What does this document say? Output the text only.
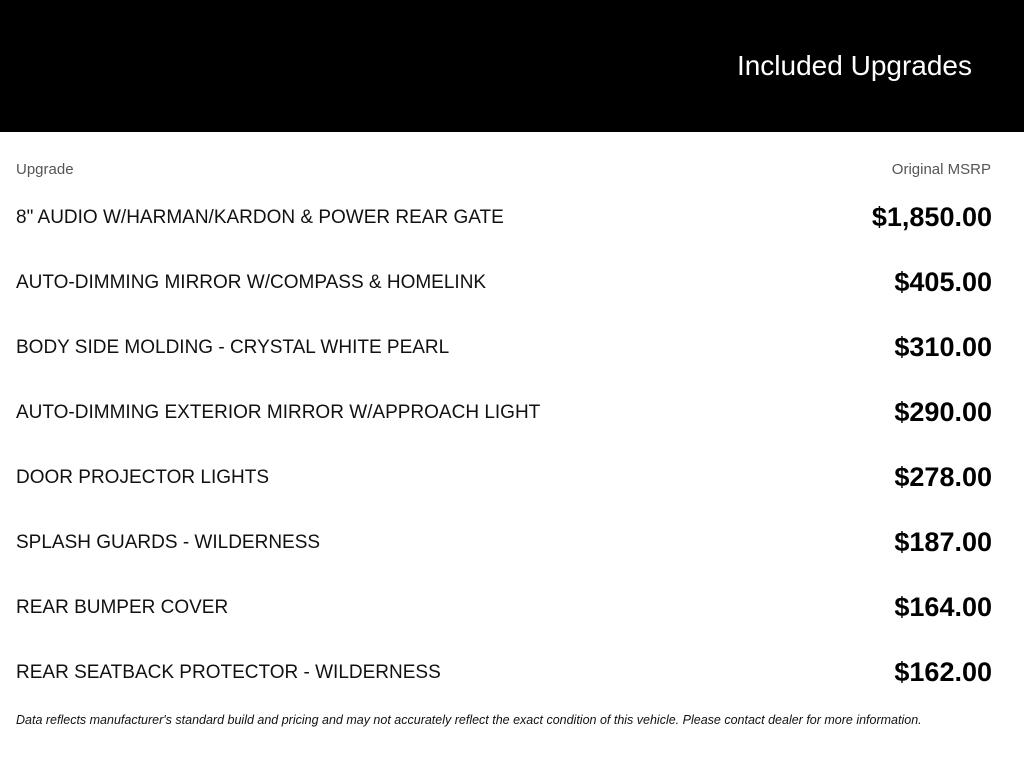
Included Upgrades
Upgrade	Original MSRP
8" AUDIO W/HARMAN/KARDON & POWER REAR GATE	$1,850.00
AUTO-DIMMING MIRROR W/COMPASS & HOMELINK	$405.00
BODY SIDE MOLDING - CRYSTAL WHITE PEARL	$310.00
AUTO-DIMMING EXTERIOR MIRROR W/APPROACH LIGHT	$290.00
DOOR PROJECTOR LIGHTS	$278.00
SPLASH GUARDS - WILDERNESS	$187.00
REAR BUMPER COVER	$164.00
REAR SEATBACK PROTECTOR - WILDERNESS	$162.00
Data reflects manufacturer's standard build and pricing and may not accurately reflect the exact condition of this vehicle. Please contact dealer for more information.
